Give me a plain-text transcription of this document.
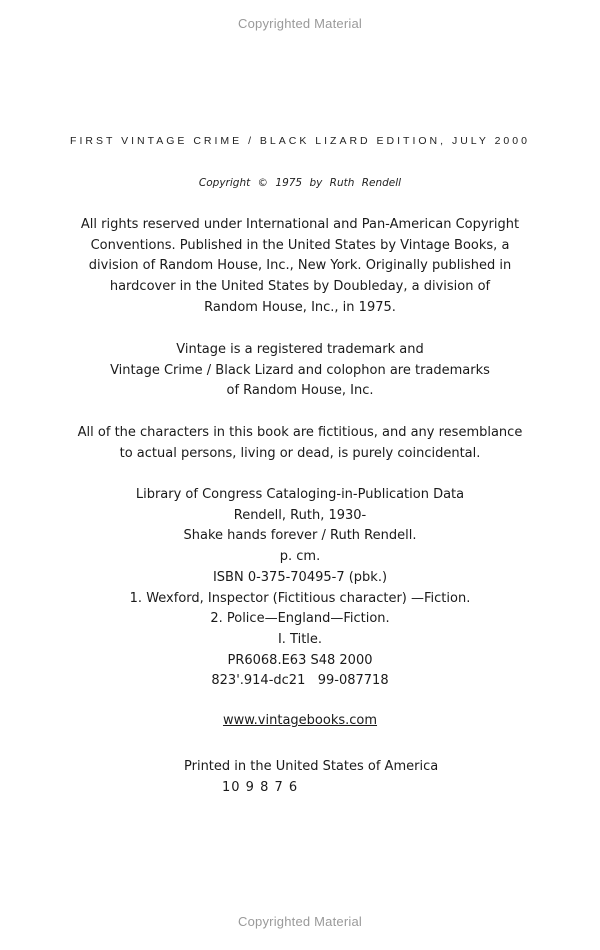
Copyrighted Material
FIRST VINTAGE CRIME / BLACK LIZARD EDITION, JULY 2000
Copyright © 1975 by Ruth Rendell
All rights reserved under International and Pan-American Copyright
Conventions. Published in the United States by Vintage Books, a
division of Random House, Inc., New York. Originally published in
hardcover in the United States by Doubleday, a division of
Random House, Inc., in 1975.
Vintage is a registered trademark and
Vintage Crime / Black Lizard and colophon are trademarks
of Random House, Inc.
All of the characters in this book are fictitious, and any resemblance
to actual persons, living or dead, is purely coincidental.
Library of Congress Cataloging-in-Publication Data
Rendell, Ruth, 1930-
Shake hands forever / Ruth Rendell.
p. cm.
ISBN 0-375-70495-7 (pbk.)
1. Wexford, Inspector (Fictitious character) —Fiction.
2. Police—England—Fiction.
I. Title.
PR6068.E63 S48 2000
823'.914-dc21   99-087718
www.vintagebooks.com
Printed in the United States of America
10 9 8 7 6
Copyrighted Material
